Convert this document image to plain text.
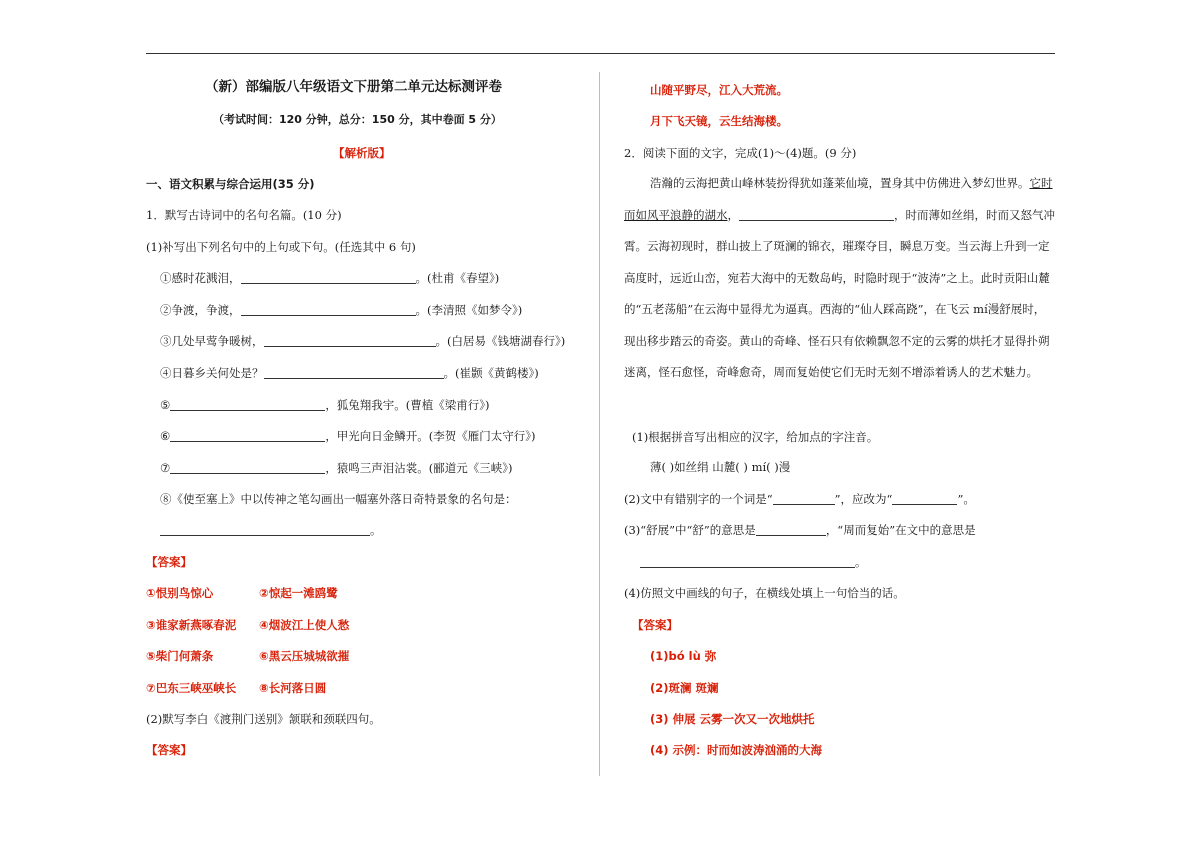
（新）部编版八年级语文下册第二单元达标测评卷
（考试时间：120 分钟，总分：150 分，其中卷面 5 分）
【解析版】
一、语文积累与综合运用(35 分)
1．默写古诗词中的名句名篇。(10 分)
(1)补写出下列名句中的上句或下句。(任选其中 6 句)
①感时花溅泪，	。(杜甫《春望》)
②争渡，争渡，	。(李清照《如梦令》)
③几处早莺争暖树，	。(白居易《钱塘湖春行》)
④日暮乡关何处是？	。(崔颢《黄鹤楼》)
⑤	，狐兔翔我宇。(曹植《梁甫行》)
⑥	，甲光向日金鳞开。(李贺《雁门太守行》)
⑦	，猿鸣三声泪沾裳。(郦道元《三峡》)
⑧《使至塞上》中以传神之笔勾画出一幅塞外落日奇特景象的名句是：
。
【答案】
①恨别鸟惊心	②惊起一滩鸥鹭
③谁家新燕啄春泥 ④烟波江上使人愁
⑤柴门何萧条	⑥黑云压城城欲摧
⑦巴东三峡巫峡长 ⑧长河落日圆
(2)默写李白《渡荆门送别》颔联和颈联四句。
【答案】
山随平野尽，江入大荒流。
月下飞天镜，云生结海楼。
2．阅读下面的文字，完成(1)～(4)题。(9 分)
浩瀚的云海把黄山峰林装扮得犹如蓬莱仙境，置身其中仿佛进入梦幻世界。它时而如风平浪静的湖水，	，时而薄如丝绢，时而又怒气冲霄。云海初现时，群山披上了斑澜的锦衣，璀璨夺目，瞬息万变。当云海上升到一定高度时，远近山峦，宛若大海中的无数岛屿，时隐时现于“波涛”之上。此时贡阳山麓的“五老荡船”在云海中显得尤为逼真。西海的“仙人踩高跷”，在飞云 mí漫舒展时，现出移步踏云的奇姿。黄山的奇峰、怪石只有依赖飘忽不定的云雾的烘托才显得扑朔迷离，怪石愈怪，奇峰愈奇，周而复始使它们无时无刻不增添着诱人的艺术魅力。
(1)根据拼音写出相应的汉字，给加点的字注音。
薄( )如丝绢 山麓( ) mí( )漫
(2)文中有错别字的一个词是“	”，应改为“	”。
(3)“舒展”中“舒”的意思是	，“周而复始”在文中的意思是
。
(4)仿照文中画线的句子，在横线处填上一句恰当的话。
【答案】
(1)bó lù 弥
(2)斑澜 斑斓
(3) 伸展 云雾一次又一次地烘托
(4) 示例：时而如波涛汹涌的大海
